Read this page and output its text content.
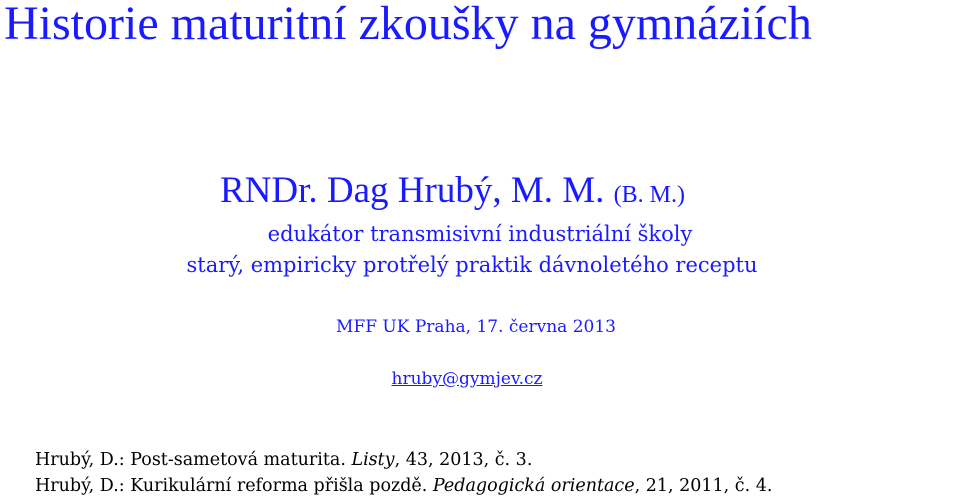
Historie maturitní zkoušky na gymnáziích
RNDr. Dag Hrubý, M. M. (B. M.)
edukátor transmisivní industriální školy
starý, empiricky protřelý praktik dávnoletého receptu
MFF UK Praha, 17. června 2013
hruby@gymjev.cz
Hrubý, D.: Post-sametová maturita. Listy, 43, 2013, č. 3.
Hrubý, D.: Kurikulární reforma přišla pozdě. Pedagogická orientace, 21, 2011, č. 4.
